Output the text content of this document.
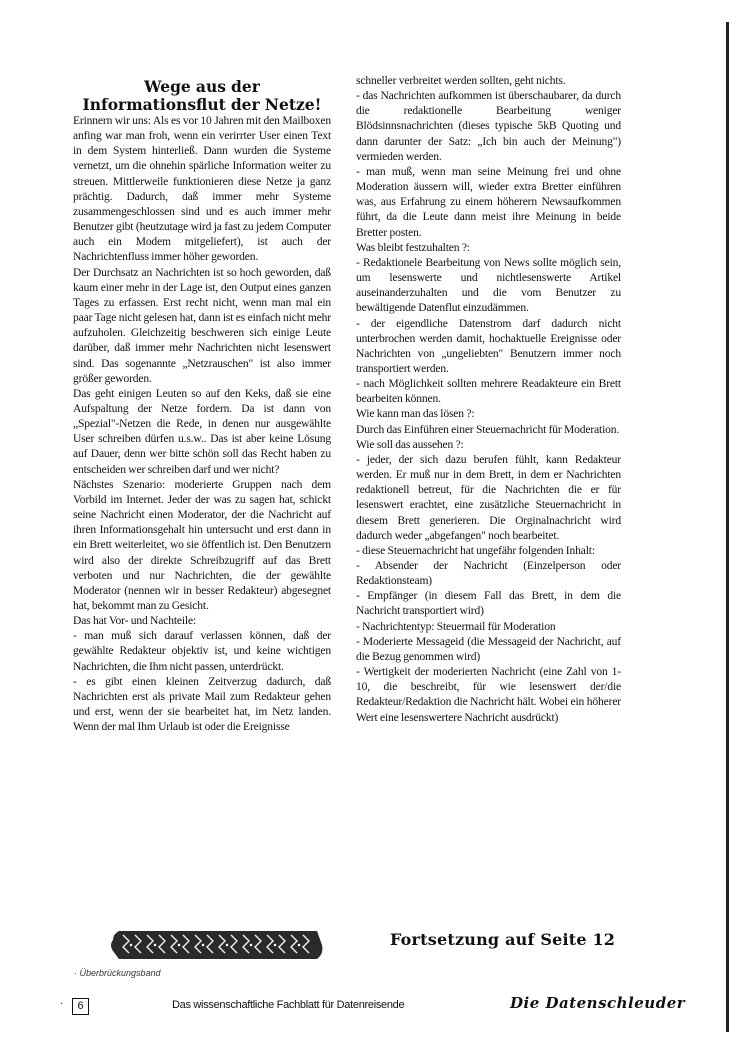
Wege aus der
Informationsflut der Netze!

Erinnern wir uns: Als es vor 10 Jahren mit den Mailboxen anfing war man froh, wenn ein verirrter User einen Text in dem System hinterließ. Dann wurden die Systeme vernetzt, um die ohnehin spärliche Information weiter zu streuen. Mittlerweile funktionieren diese Netze ja ganz prächtig. Dadurch, daß immer mehr Systeme zusammengeschlossen sind und es auch immer mehr Benutzer gibt (heutzutage wird ja fast zu jedem Computer auch ein Modem mitgeliefert), ist auch der Nachrichtenfluss immer höher geworden.

Der Durchsatz an Nachrichten ist so hoch geworden, daß kaum einer mehr in der Lage ist, den Output eines ganzen Tages zu erfassen. Erst recht nicht, wenn man mal ein paar Tage nicht gelesen hat, dann ist es einfach nicht mehr aufzuholen. Gleichzeitig beschweren sich einige Leute darüber, daß immer mehr Nachrichten nicht lesenswert sind. Das sogenannte „Netzrauschen" ist also immer größer geworden.

Das geht einigen Leuten so auf den Keks, daß sie eine Aufspaltung der Netze fordern. Da ist dann von „Spezial"-Netzen die Rede, in denen nur ausgewählte User schreiben dürfen u.s.w.. Das ist aber keine Lösung auf Dauer, denn wer bitte schön soll das Recht haben zu entscheiden wer schreiben darf und wer nicht?

Nächstes Szenario: moderierte Gruppen nach dem Vorbild im Internet. Jeder der was zu sagen hat, schickt seine Nachricht einen Moderator, der die Nachricht auf ihren Informationsgehalt hin untersucht und erst dann in ein Brett weiterleitet, wo sie öffentlich ist. Den Benutzern wird also der direkte Schreibzugriff auf das Brett verboten und nur Nachrichten, die der gewählte Moderator (nennen wir in besser Redakteur) abgesegnet hat, bekommt man zu Gesicht.

Das hat Vor- und Nachteile:

- man muß sich darauf verlassen können, daß der gewählte Redakteur objektiv ist, und keine wichtigen Nachrichten, die Ihm nicht passen, unterdrückt.

- es gibt einen kleinen Zeitverzug dadurch, daß Nachrichten erst als private Mail zum Redakteur gehen und erst, wenn der sie bearbeitet hat, im Netz landen. Wenn der mal Ihm Urlaub ist oder die Ereignisse

schneller verbreitet werden sollten, geht nichts.

- das Nachrichten aufkommen ist überschaubarer, da durch die redaktionelle Bearbeitung weniger Blödsinnsnachrichten (dieses typische 5kB Quoting und dann darunter der Satz: „Ich bin auch der Meinung") vermieden werden.

- man muß, wenn man seine Meinung frei und ohne Moderation äussern will, wieder extra Bretter einführen was, aus Erfahrung zu einem höherern Newsaufkommen führt, da die Leute dann meist ihre Meinung in beide Bretter posten.

Was bleibt festzuhalten ?:

- Redaktionele Bearbeitung von News sollte möglich sein, um lesenswerte und nichtlesenswerte Artikel auseinanderzuhalten und die vom Benutzer zu bewältigende Datenflut einzudämmen.

- der eigendliche Datenstrom darf dadurch nicht unterbrochen werden damit, hochaktuelle Ereignisse oder Nachrichten von „ungeliebten" Benutzern immer noch transportiert werden.

- nach Möglichkeit sollten mehrere Readakteure ein Brett bearbeiten können.

Wie kann man das lösen ?:

Durch das Einführen einer Steuernachricht für Moderation.

Wie soll das aussehen ?:

- jeder, der sich dazu berufen fühlt, kann Redakteur werden. Er muß nur in dem Brett, in dem er Nachrichten redaktionell betreut, für die Nachrichten die er für lesenswert erachtet, eine zusätzliche Steuernachricht in diesem Brett generieren. Die Orginalnachricht wird dadurch weder „abgefangen" noch bearbeitet.

- diese Steuernachricht hat ungefähr folgenden Inhalt:

- Absender der Nachricht (Einzelperson oder Redaktionsteam)

- Empfänger (in diesem Fall das Brett, in dem die Nachricht transportiert wird)

- Nachrichtentyp: Steuermail für Moderation

- Moderierte Messageid (die Messageid der Nachricht, auf die Bezug genommen wird)

- Wertigkeit der moderierten Nachricht (eine Zahl von 1-10, die beschreibt, für wie lesenswert der/die Redakteur/Redaktion die Nachricht hält. Wobei ein höherer Wert eine lesenswertere Nachricht ausdrückt)

· Überbrückungsband
Fortsetzung auf Seite 12
·	6	Das wissenschaftliche Fachblatt für Datenreisende	Die Datenschleuder
